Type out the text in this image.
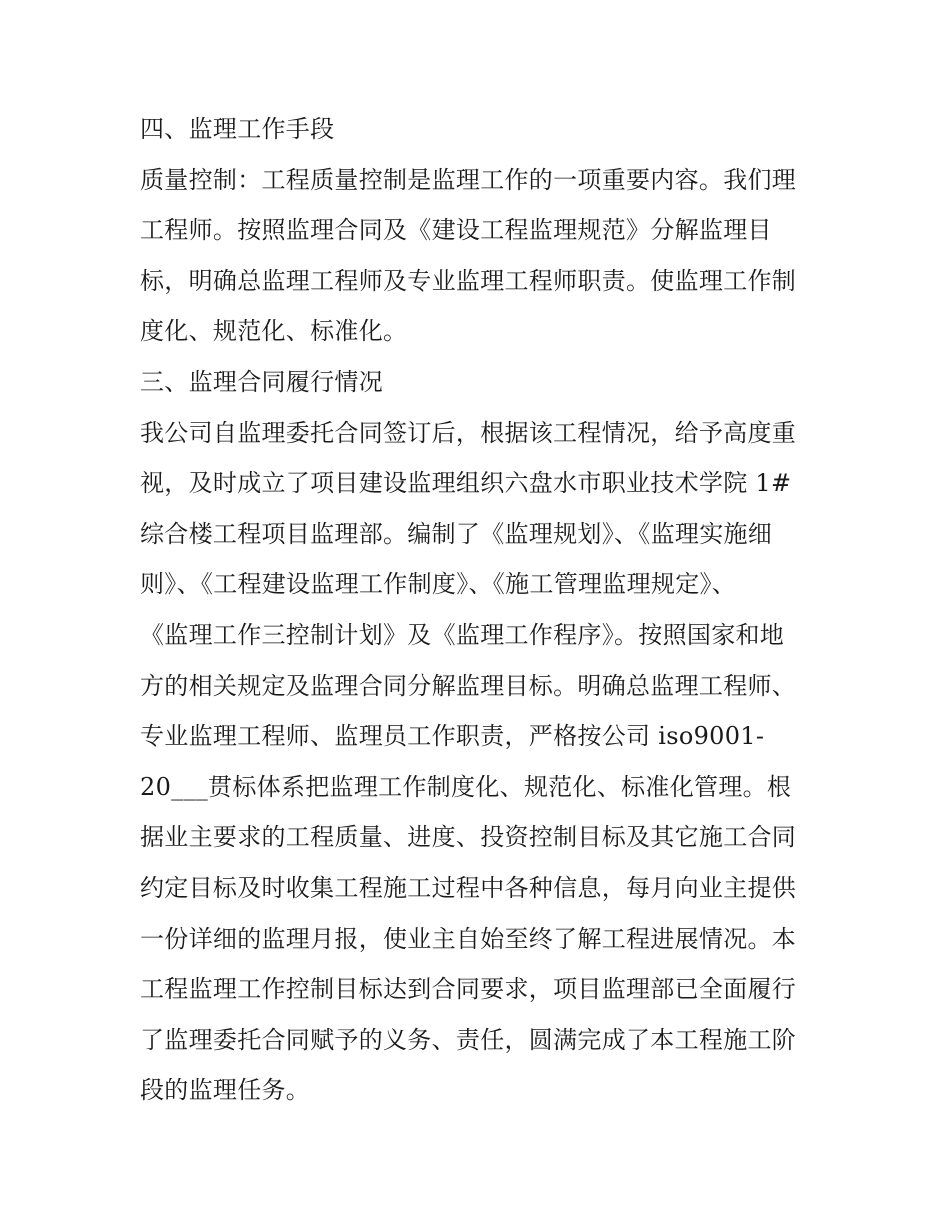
四、监理工作手段
质量控制：工程质量控制是监理工作的一项重要内容。我们理
工程师。按照监理合同及《建设工程监理规范》分解监理目
标，明确总监理工程师及专业监理工程师职责。使监理工作制
度化、规范化、标准化。
三、监理合同履行情况
我公司自监理委托合同签订后，根据该工程情况，给予高度重
视，及时成立了项目建设监理组织六盘水市职业技术学院 1#
综合楼工程项目监理部。编制了《监理规划》、《监理实施细
则》、《工程建设监理工作制度》、《施工管理监理规定》、
《监理工作三控制计划》及《监理工作程序》。按照国家和地
方的相关规定及监理合同分解监理目标。明确总监理工程师、
专业监理工程师、监理员工作职责，严格按公司 iso9001-
20___贯标体系把监理工作制度化、规范化、标准化管理。根
据业主要求的工程质量、进度、投资控制目标及其它施工合同
约定目标及时收集工程施工过程中各种信息，每月向业主提供
一份详细的监理月报，使业主自始至终了解工程进展情况。本
工程监理工作控制目标达到合同要求，项目监理部已全面履行
了监理委托合同赋予的义务、责任，圆满完成了本工程施工阶
段的监理任务。
